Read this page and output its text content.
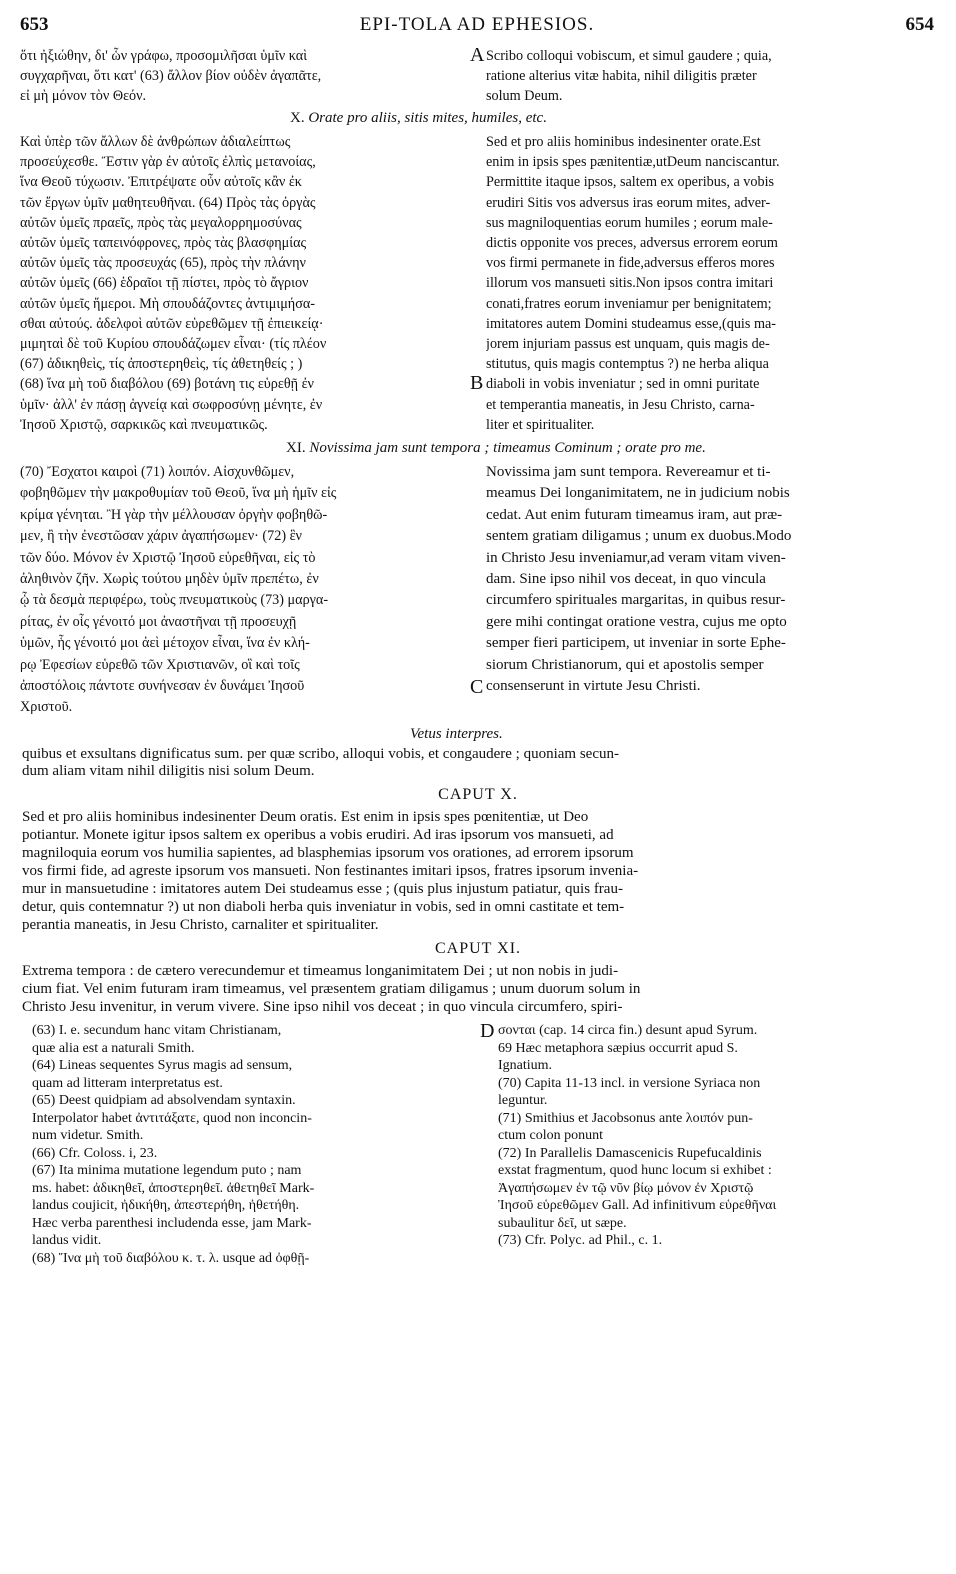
653	EPI-TOLA AD EPHESIOS.	654
ὅτι ἠξιώθην, δι' ὧν γράφω, προσομιλῆσαι ὑμῖν καὶ
συγχαρῆναι, ὅτι κατ' (63) ἄλλον βίον οὐδὲν ἀγαπᾶτε,
εἰ μὴ μόνον τὸν Θεόν.
Scribo colloqui vobiscum, et simul gaudere ; quia,
ratione alterius vitæ habita, nihil diligitis præter
solum Deum.
A
X. Orate pro aliis, sitis mites, humiles, etc.
Καὶ ὑπὲρ τῶν ἄλλων δὲ ἀνθρώπων ἀδιαλείπτως
προσεύχεσθε. Ἔστιν γὰρ ἐν αὐτοῖς ἐλπὶς μετανοίας,
ἵνα Θεοῦ τύχωσιν. Ἐπιτρέψατε οὖν αὐτοῖς κἂν ἐκ
τῶν ἔργων ὑμῖν μαθητευθῆναι. (64) Πρὸς τὰς ὀργὰς
αὐτῶν ὑμεῖς πραεῖς, πρὸς τὰς μεγαλορρημοσύνας
αὐτῶν ὑμεῖς ταπεινόφρονες, πρὸς τὰς βλασφημίας
αὐτῶν ὑμεῖς τὰς προσευχάς (65), πρὸς τὴν πλάνην
αὐτῶν ὑμεῖς (66) ἑδραῖοι τῇ πίστει, πρὸς τὸ ἄγριον
αὐτῶν ὑμεῖς ἥμεροι. Μὴ σπουδάζοντες ἀντιμιμήσα-
σθαι αὐτούς. ἀδελφοὶ αὐτῶν εὑρεθῶμεν τῇ ἐπιεικείᾳ·
μιμηταὶ δὲ τοῦ Κυρίου σπουδάζωμεν εἶναι· (τίς πλέον
(67) ἀδικηθεὶς, τίς ἀποστερηθεὶς, τίς ἀθετηθείς ; )
(68) ἵνα μὴ τοῦ διαβόλου (69) βοτάνη τις εὑρεθῇ ἐν
ὑμῖν· ἀλλ' ἐν πάσῃ ἁγνείᾳ καὶ σωφροσύνῃ μένητε, ἐν
Ἰησοῦ Χριστῷ, σαρκικῶς καὶ πνευματικῶς.
Sed et pro aliis hominibus indesinenter orate.Est
enim in ipsis spes pænitentiæ,utDeum nanciscantur.
Permittite itaque ipsos, saltem ex operibus, a vobis
erudiri Sitis vos adversus iras eorum mites, adver-
sus magniloquentias eorum humiles ; eorum male-
dictis opponite vos preces, adversus errorem eorum
vos firmi permanete in fide,adversus efferos mores
illorum vos mansueti sitis.Non ipsos contra imitari
conati,fratres eorum inveniamur per benignitatem;
imitatores autem Domini studeamus esse,(quis ma-
jorem injuriam passus est unquam, quis magis de-
stitutus, quis magis contemptus ?) ne herba aliqua
diaboli in vobis inveniatur ; sed in omni puritate
et temperantia maneatis, in Jesu Christo, carna-
liter et spiritualiter.
B
XI. Novissima jam sunt tempora ; timeamus Cominum ; orate pro me.
(70) Ἔσχατοι καιροὶ (71) λοιπόν. Αἰσχυνθῶμεν,
φοβηθῶμεν τὴν μακροθυμίαν τοῦ Θεοῦ, ἵνα μὴ ἡμῖν εἰς
κρίμα γένηται. Ἢ γὰρ τὴν μέλλουσαν ὀργὴν φοβηθῶ-
μεν, ἢ τὴν ἐνεστῶσαν χάριν ἀγαπήσωμεν· (72) ἓν
τῶν δύο. Μόνον ἐν Χριστῷ Ἰησοῦ εὑρεθῆναι, εἰς τὸ
ἀληθινὸν ζῆν. Χωρὶς τούτου μηδὲν ὑμῖν πρεπέτω, ἐν
ᾧ τὰ δεσμὰ περιφέρω, τοὺς πνευματικοὺς (73) μαργα-
ρίτας, ἐν οἷς γένοιτό μοι ἀναστῆναι τῇ προσευχῇ
ὑμῶν, ἧς γένοιτό μοι ἀεὶ μέτοχον εἶναι, ἵνα ἐν κλή-
ρῳ Ἐφεσίων εὑρεθῶ τῶν Χριστιανῶν, οἳ καὶ τοῖς
ἀποστόλοις πάντοτε συνήνεσαν ἐν δυνάμει Ἰησοῦ
Χριστοῦ.
Novissima jam sunt tempora. Revereamur et ti-
meamus Dei longanimitatem, ne in judicium nobis
cedat. Aut enim futuram timeamus iram, aut præ-
sentem gratiam diligamus ; unum ex duobus.Modo
in Christo Jesu inveniamur,ad veram vitam viven-
dam. Sine ipso nihil vos deceat, in quo vincula
circumfero spirituales margaritas, in quibus resur-
gere mihi contingat oratione vestra, cujus me opto
semper fieri participem, ut inveniar in sorte Ephe-
siorum Christianorum, qui et apostolis semper
consenserunt in virtute Jesu Christi.
C
Vetus interpres.
quibus et exsultans dignificatus sum. per quæ scribo, alloqui vobis, et congaudere ; quoniam secun-
dum aliam vitam nihil diligitis nisi solum Deum.
CAPUT X.
Sed et pro aliis hominibus indesinenter Deum oratis. Est enim in ipsis spes pœnitentiæ, ut Deo
potiantur. Monete igitur ipsos saltem ex operibus a vobis erudiri. Ad iras ipsorum vos mansueti, ad
magniloquia eorum vos humilia sapientes, ad blasphemias ipsorum vos orationes, ad errorem ipsorum
vos firmi fide, ad agreste ipsorum vos mansueti. Non festinantes imitari ipsos, fratres ipsorum invenia-
mur in mansuetudine : imitatores autem Dei studeamus esse ; (quis plus injustum patiatur, quis frau-
detur, quis contemnatur ?) ut non diaboli herba quis inveniatur in vobis, sed in omni castitate et tem-
perantia maneatis, in Jesu Christo, carnaliter et spiritualiter.
CAPUT XI.
Extrema tempora : de cætero verecundemur et timeamus longanimitatem Dei ; ut non nobis in judi-
cium fiat. Vel enim futuram iram timeamus, vel præsentem gratiam diligamus ; unum duorum solum in
Christo Jesu invenitur, in verum vivere. Sine ipso nihil vos deceat ; in quo vincula circumfero, spiri-
(63) I. e. secundum hanc vitam Christianam,
quæ alia est a naturali Smith.
(64) Lineas sequentes Syrus magis ad sensum,
quam ad litteram interpretatus est.
(65) Deest quidpiam ad absolvendam syntaxin.
Interpolator habet ἀντιτάξατε, quod non inconcin-
num videtur. Smith.
(66) Cfr. Coloss. i, 23.
(67) Ita minima mutatione legendum puto ; nam
ms. habet: ἀδικηθεῖ, ἀποστερηθεῖ. ἀθετηθεῖ Mark-
landus coujicit, ἠδικήθη, ἀπεστερήθη, ἠθετήθη.
Hæc verba parenthesi includenda esse, jam Mark-
landus vidit.
(68) Ἵνα μὴ τοῦ διαβόλου κ. τ. λ. usque ad ὀφθῇ-
D σονται (cap. 14 circa fin.) desunt apud Syrum.
69 Hæc metaphora sæpius occurrit apud S.
Ignatium.
(70) Capita 11-13 incl. in versione Syriaca non
leguntur.
(71) Smithius et Jacobsonus ante λοιπόν pun-
ctum colon ponunt
(72) In Parallelis Damascenicis Rupefucaldinis
exstat fragmentum, quod hunc locum si exhibet :
Ἀγαπήσωμεν ἐν τῷ νῦν βίῳ μόνον ἐν Χριστῷ
Ἰησοῦ εὑρεθῶμεν Gall. Ad infinitivum εὑρεθῆναι
subaulitur δεῖ, ut sæpe.
(73) Cfr. Polyc. ad Phil., c. 1.
